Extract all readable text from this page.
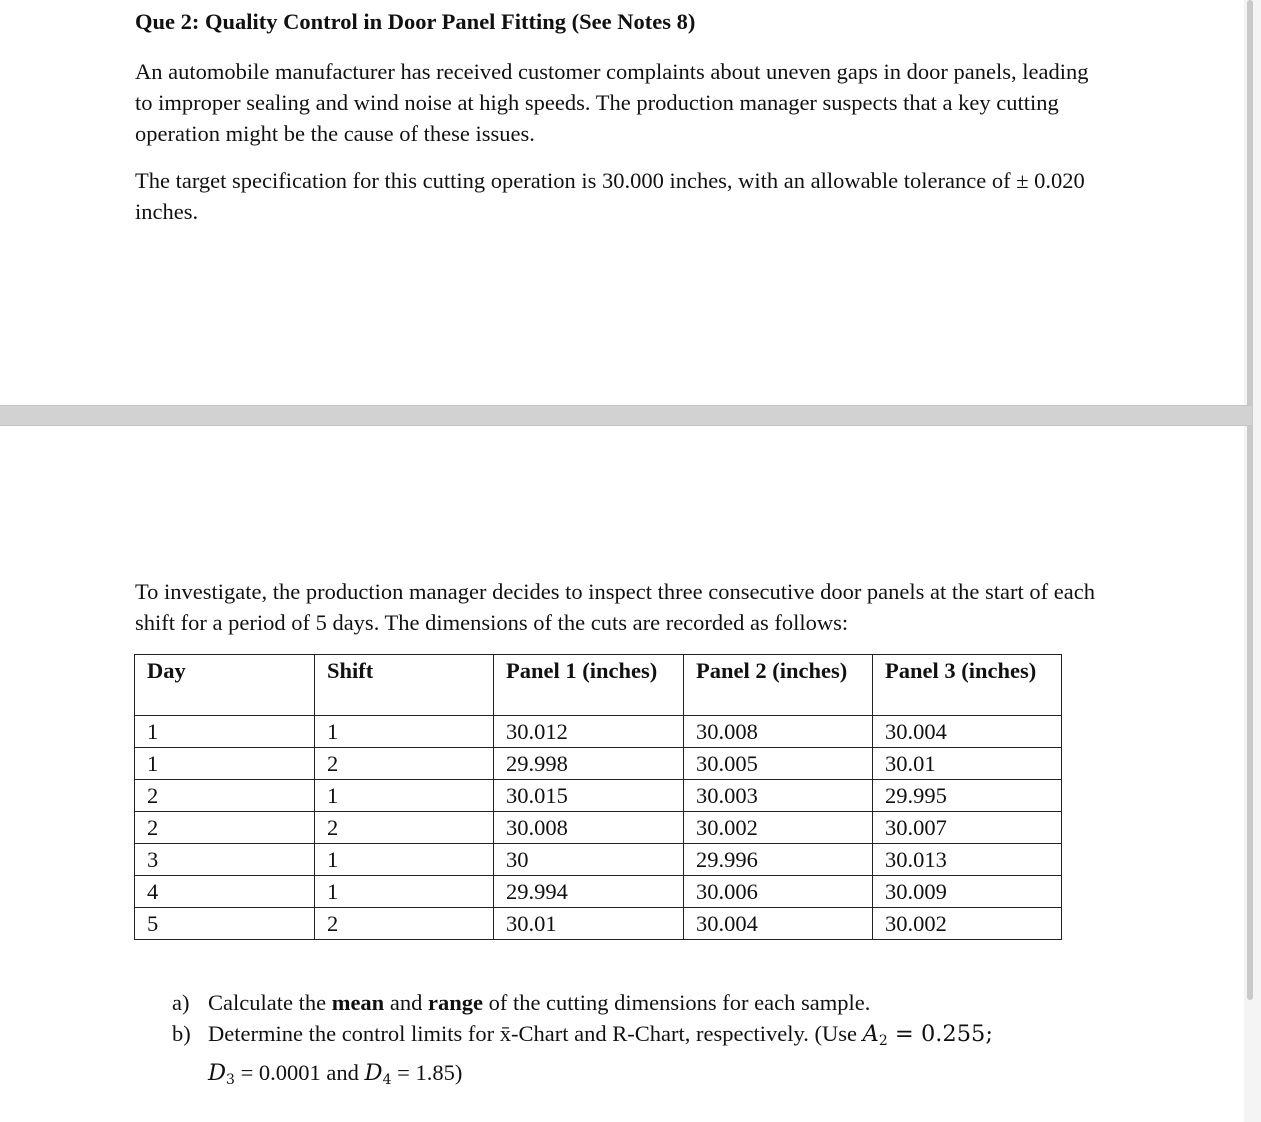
Que 2: Quality Control in Door Panel Fitting (See Notes 8)

An automobile manufacturer has received customer complaints about uneven gaps in door panels, leading to improper sealing and wind noise at high speeds. The production manager suspects that a key cutting operation might be the cause of these issues.

The target specification for this cutting operation is 30.000 inches, with an allowable tolerance of ± 0.020 inches.

To investigate, the production manager decides to inspect three consecutive door panels at the start of each shift for a period of 5 days. The dimensions of the cuts are recorded as follows:

Day	Shift	Panel 1 (inches)	Panel 2 (inches)	Panel 3 (inches)
1	1	30.012	30.008	30.004
1	2	29.998	30.005	30.01
2	1	30.015	30.003	29.995
2	2	30.008	30.002	30.007
3	1	30	29.996	30.013
4	1	29.994	30.006	30.009
5	2	30.01	30.004	30.002
a) Calculate the mean and range of the cutting dimensions for each sample.
b) Determine the control limits for x̄-Chart and R-Chart, respectively. (Use $A_2 = 0.255$;
$D_3 = 0.0001$ and $D_4 = 1.85$)
